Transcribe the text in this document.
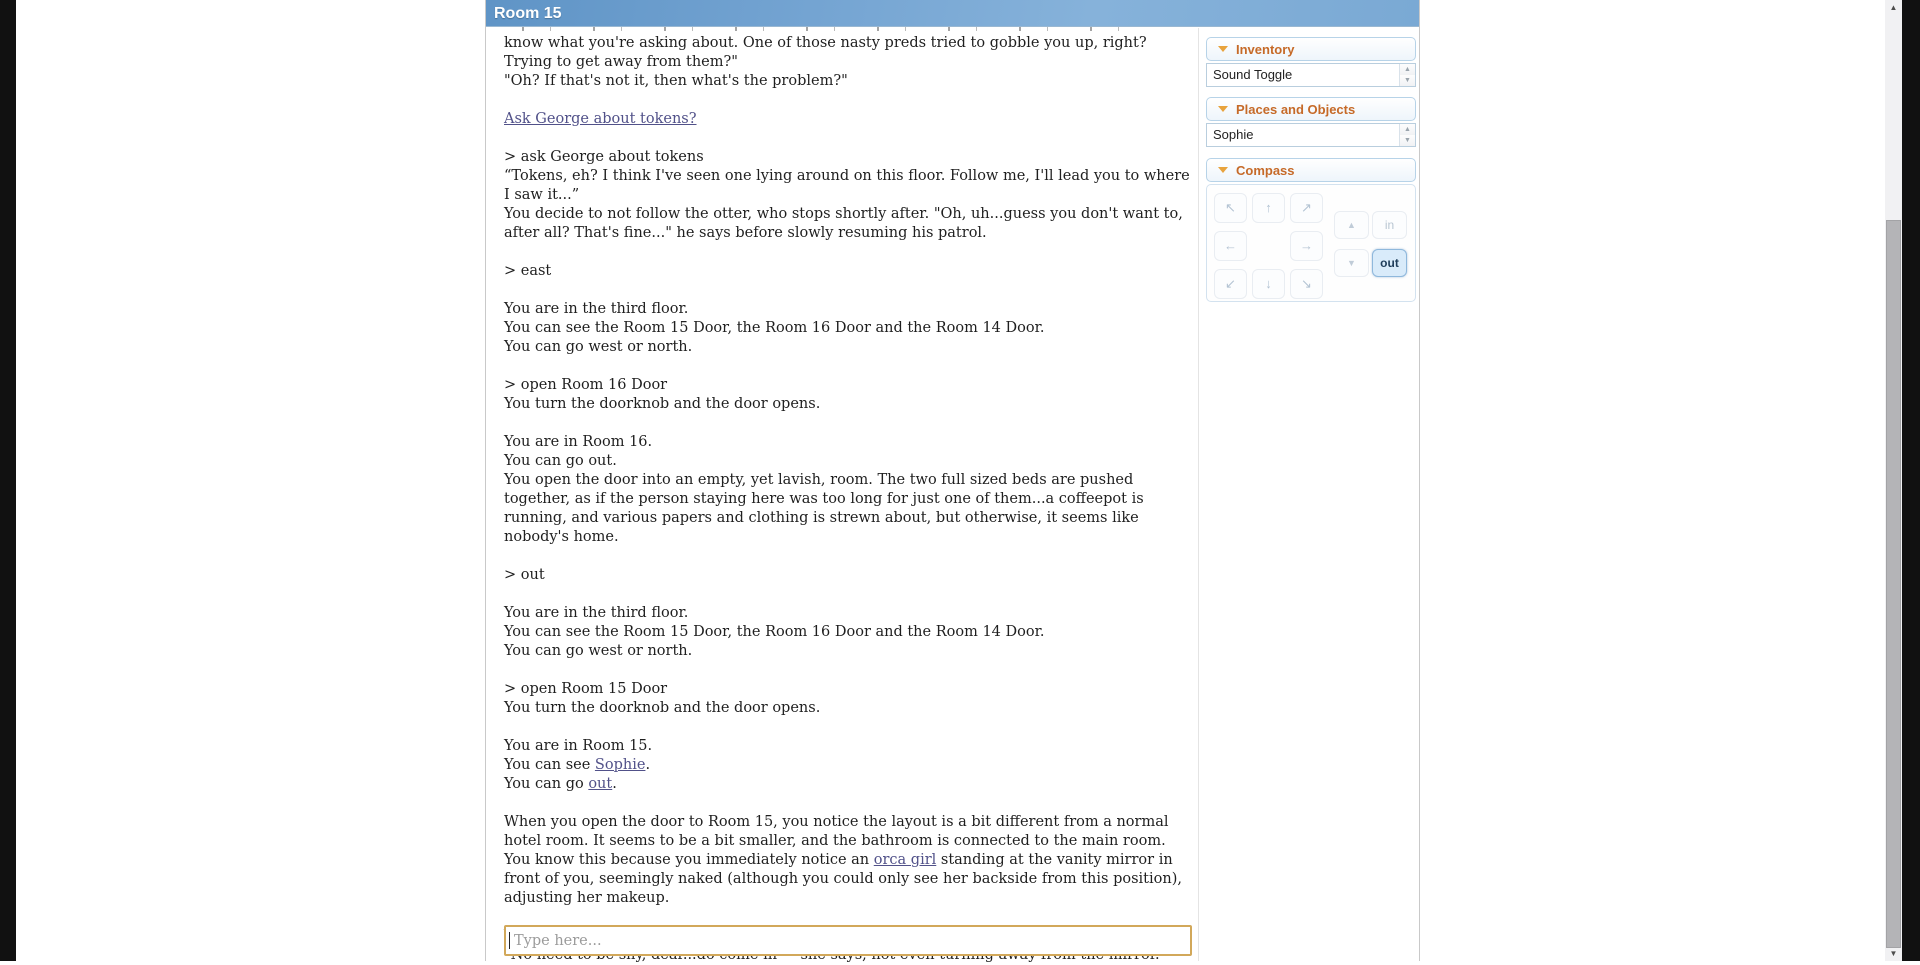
▲
▼
Room 15

know what you're asking about. One of those nasty preds tried to gobble you up, right? Trying to get away from them?"
"Oh? If that's not it, then what's the problem?"

Ask George about tokens?

> ask George about tokens
“Tokens, eh? I think I've seen one lying around on this floor. Follow me, I'll lead you to where I saw it...”
You decide to not follow the otter, who stops shortly after. "Oh, uh...guess you don't want to, after all? That's fine..." he says before slowly resuming his patrol.

> east

You are in the third floor.
You can see the Room 15 Door, the Room 16 Door and the Room 14 Door.
You can go west or north.

> open Room 16 Door
You turn the doorknob and the door opens.

You are in Room 16.
You can go out.
You open the door into an empty, yet lavish, room. The two full sized beds are pushed together, as if the person staying here was too long for just one of them...a coffeepot is running, and various papers and clothing is strewn about, but otherwise, it seems like nobody's home.

> out

You are in the third floor.
You can see the Room 15 Door, the Room 16 Door and the Room 14 Door.
You can go west or north.

> open Room 15 Door
You turn the doorknob and the door opens.

You are in Room 15.
You can see Sophie.
You can go out.

When you open the door to Room 15, you notice the layout is a bit different from a normal hotel room. It seems to be a bit smaller, and the bathroom is connected to the main room. You know this because you immediately notice an orca girl standing at the vanity mirror in front of you, seemingly naked (although you could only see her backside from this position), adjusting her makeup.

Type here...
Inventory
Sound Toggle	▲
▼
Places and Objects
Sophie	▲
▼
Compass
↖	↑	↗
←	→
↙	↓	↘
▲	in
▼	out
